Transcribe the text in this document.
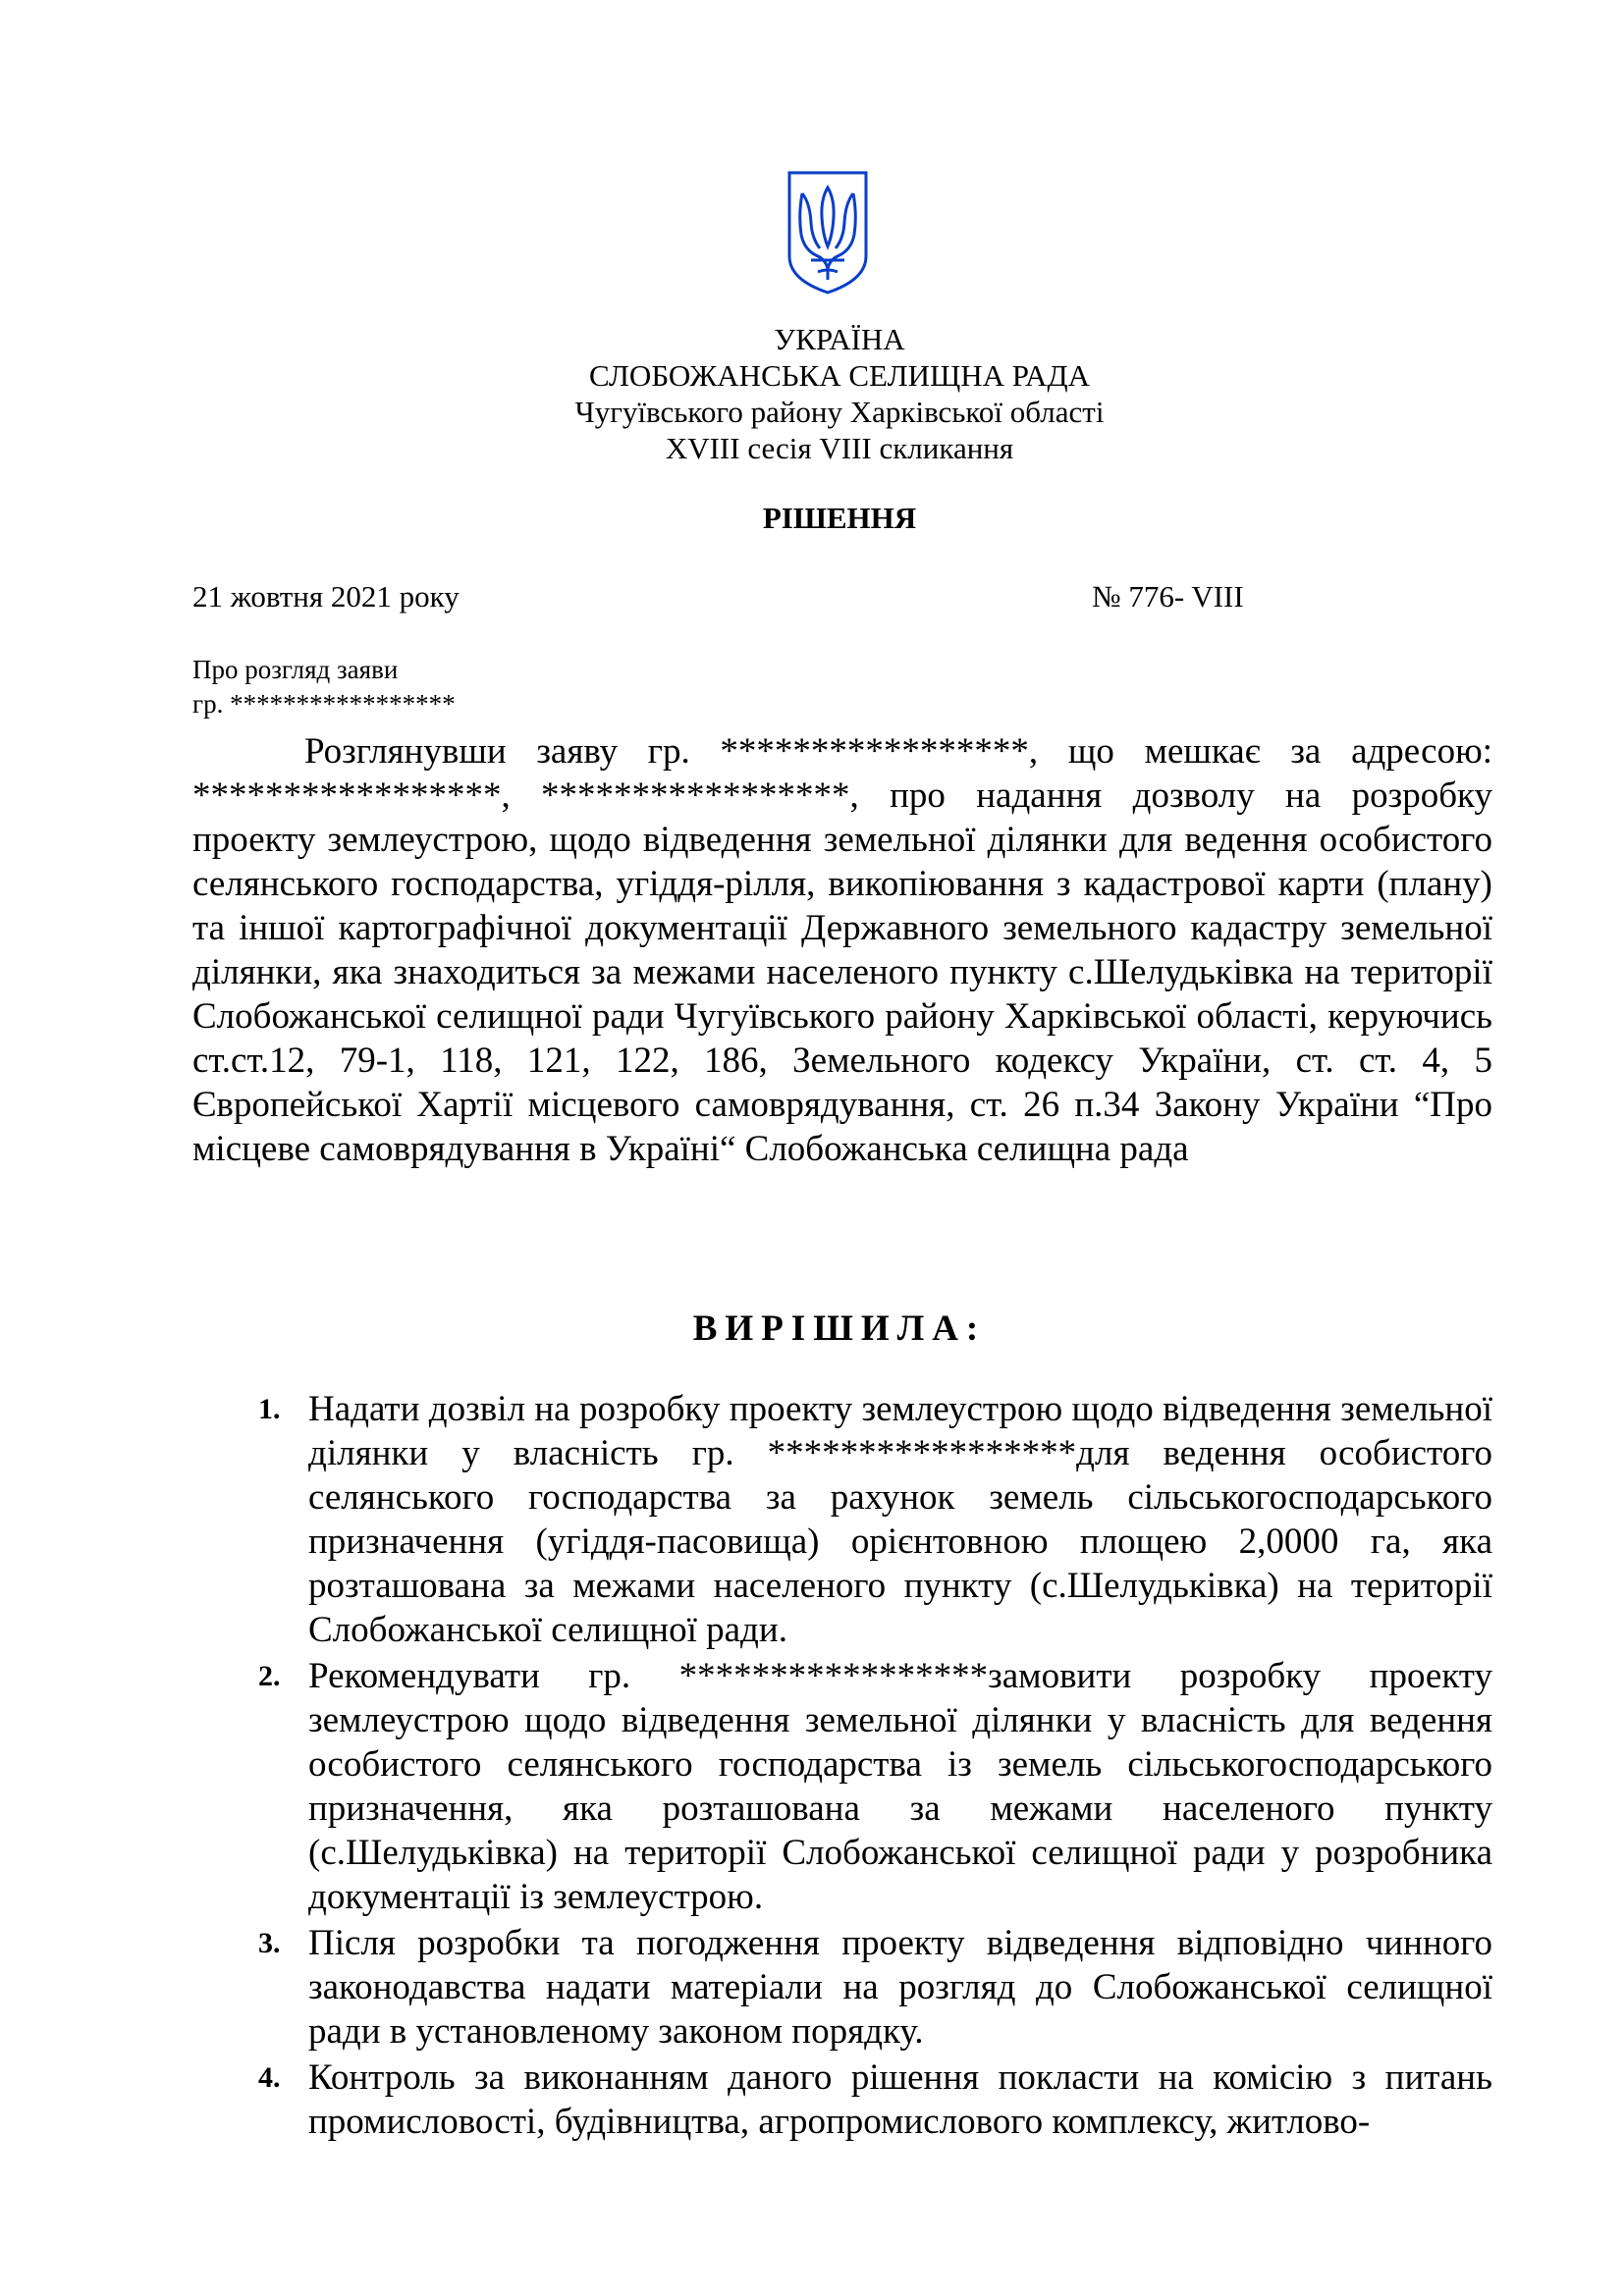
УКРАЇНА
СЛОБОЖАНСЬКА СЕЛИЩНА РАДА
Чугуївського району Харківської області
XVIII сесія VIII скликання
РІШЕННЯ
21 жовтня 2021 року	№ 776- VIII
Про розгляд заяви
гр. *****************

Розглянувши заяву гр. *****************, що мешкає за адресою: *****************, *****************, про надання дозволу на розробку проекту землеустрою, щодо відведення земельної ділянки для ведення особистого селянського господарства, угіддя-рілля, викопіювання з кадастрової карти (плану) та іншої картографічної документації Державного земельного кадастру земельної ділянки, яка знаходиться за межами населеного пункту с.Шелудьківка на території Слобожанської селищної ради Чугуївського району Харківської області, керуючись ст.ст.12, 79-1, 118, 121, 122, 186, Земельного кодексу України, ст. ст. 4, 5 Європейської Хартії місцевого самоврядування, ст. 26 п.34 Закону України “Про місцеве самоврядування в Україні“ Слобожанська селищна рада

ВИРІШИЛА:
1. Надати дозвіл на розробку проекту землеустрою щодо відведення земельної ділянки у власність гр. *****************для ведення особистого селянського господарства за рахунок земель сільськогосподарського призначення (угіддя-пасовища) орієнтовною площею 2,0000 га, яка розташована за межами населеного пункту (с.Шелудьківка) на території Слобожанської селищної ради.

2. Рекомендувати гр. *****************замовити розробку проекту землеустрою щодо відведення земельної ділянки у власність для ведення особистого селянського господарства із земель сільськогосподарського призначення, яка розташована за межами населеного пункту (с.Шелудьківка) на території Слобожанської селищної ради у розробника документації із землеустрою.

3. Після розробки та погодження проекту відведення відповідно чинного законодавства надати матеріали на розгляд до Слобожанської селищної ради в установленому законом порядку.

4. Контроль за виконанням даного рішення покласти на комісію з питань промисловості, будівництва, агропромислового комплексу, житлово-
